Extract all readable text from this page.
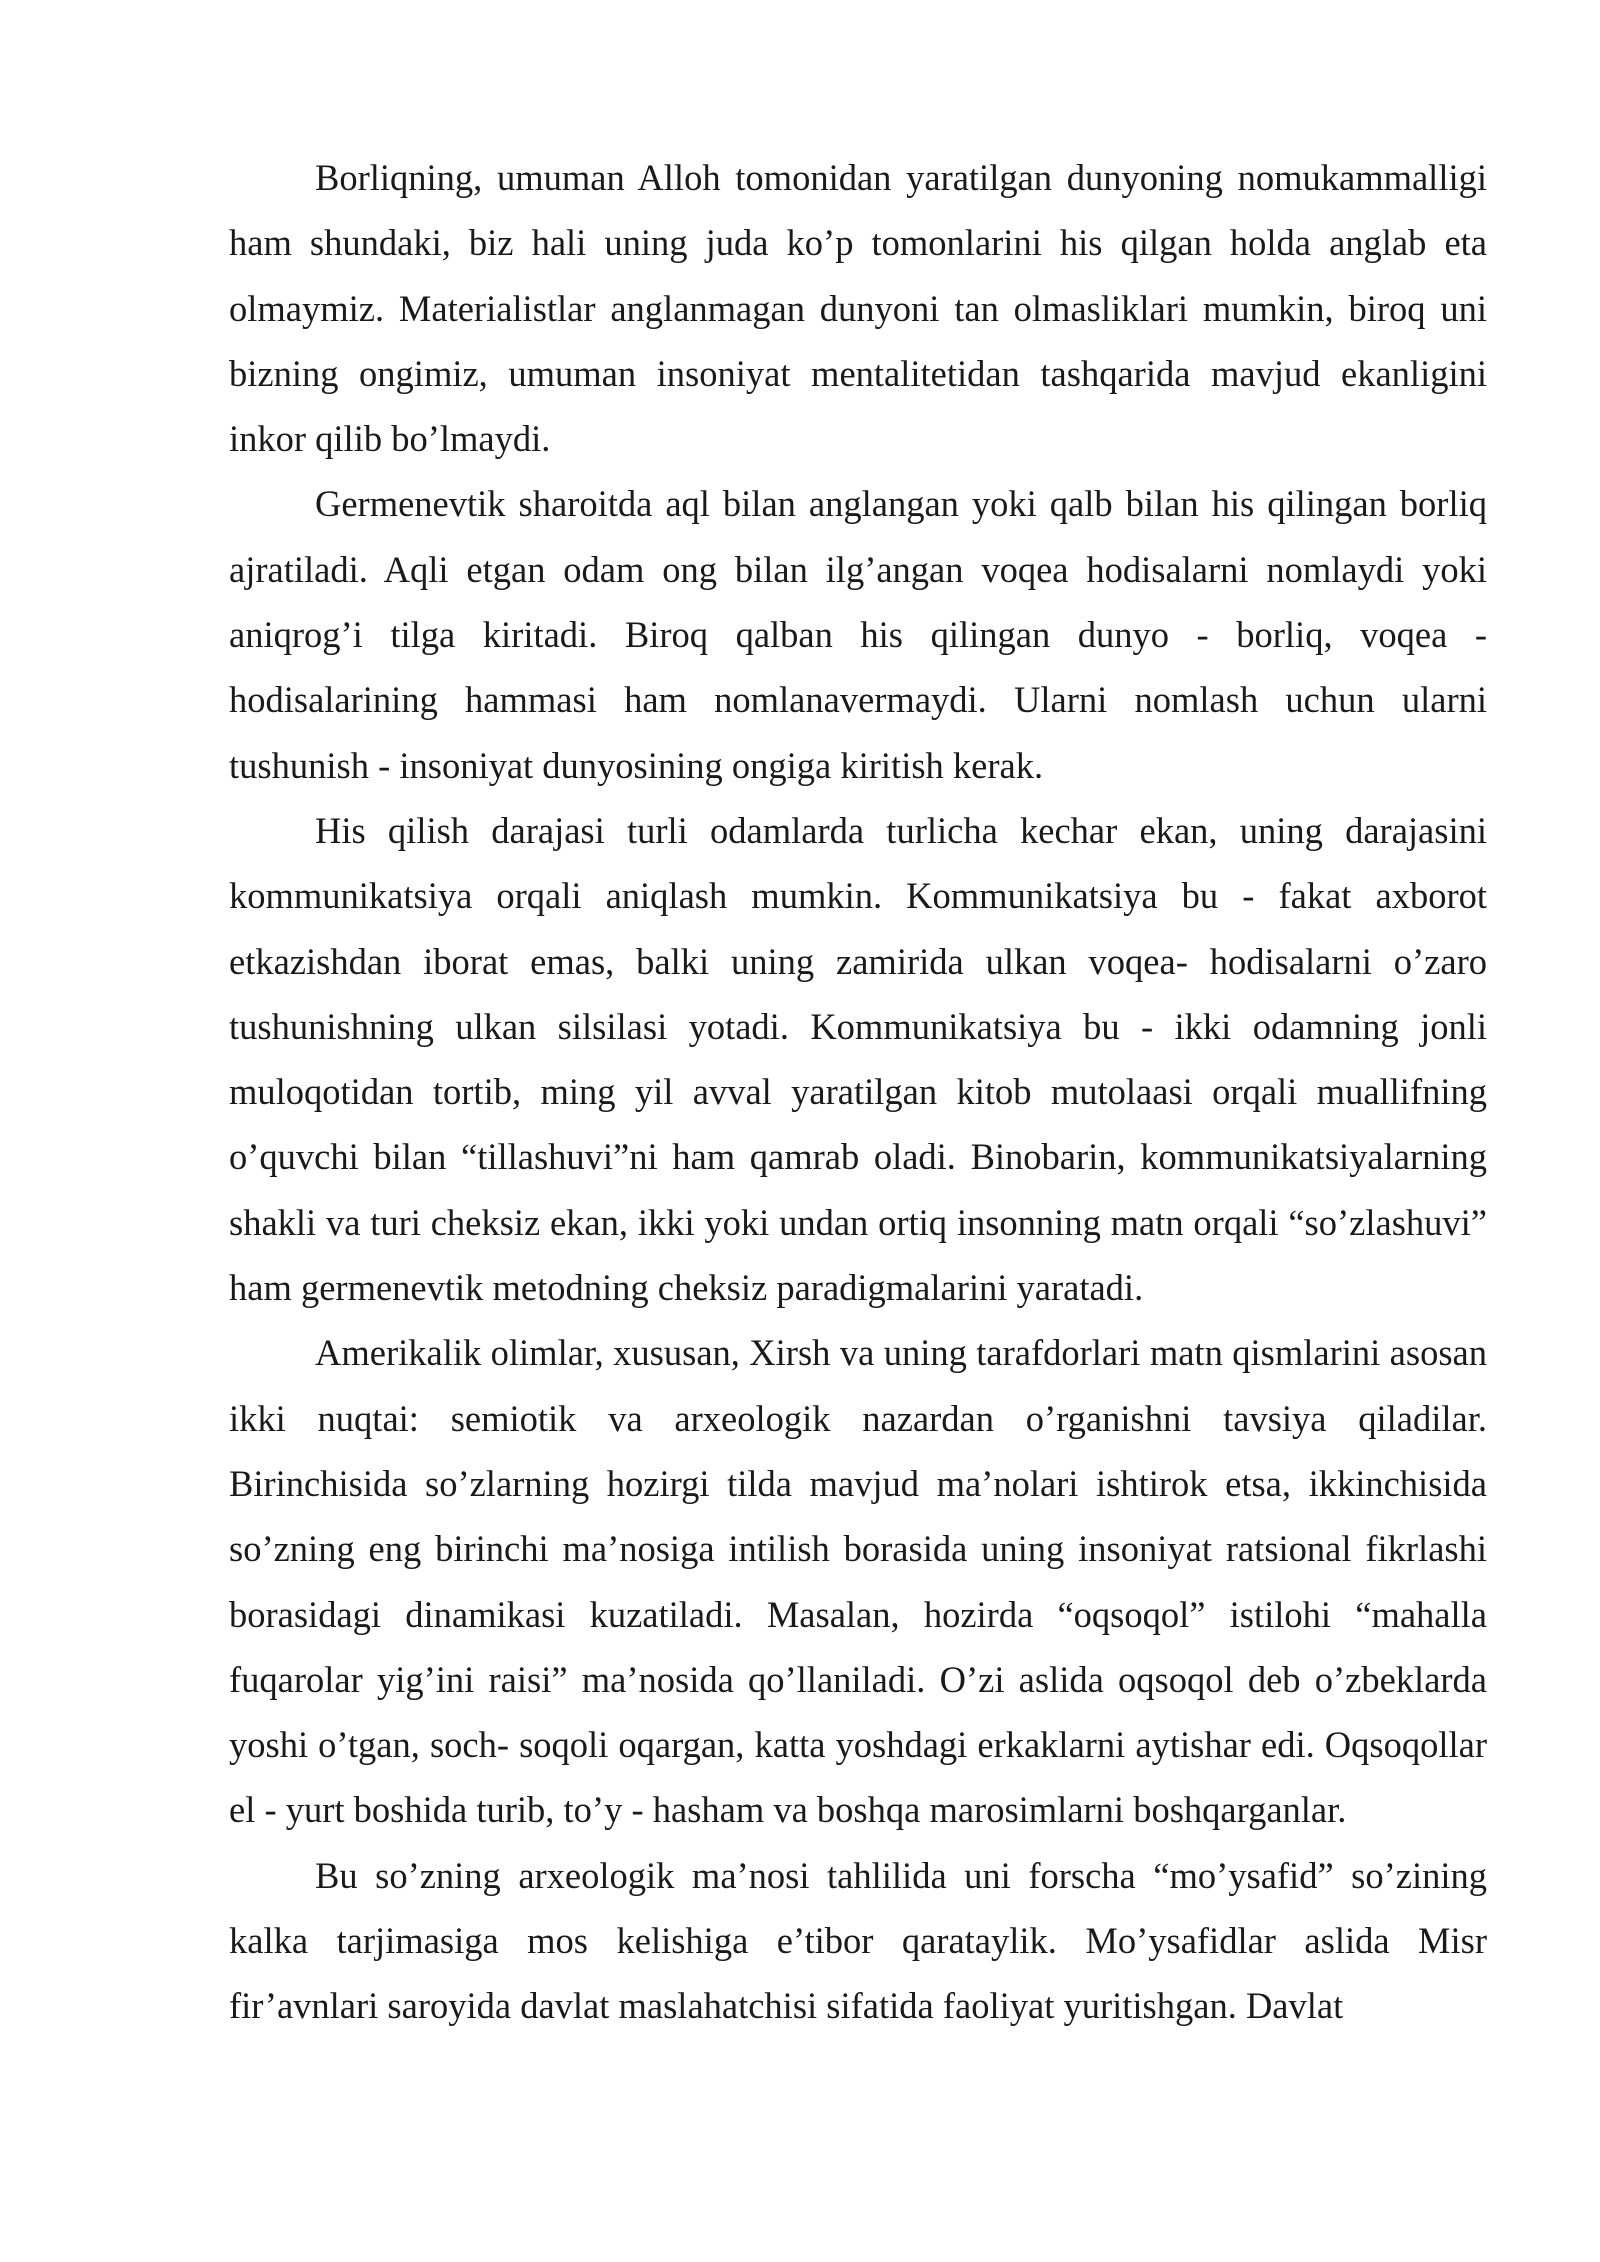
Borliqning, umuman Alloh tomonidan yaratilgan dunyoning nomukammalligi ham shundaki, biz hali uning juda ko’p tomonlarini his qilgan holda anglab eta olmaymiz. Materialistlar anglanmagan dunyoni tan olmasliklari mumkin, biroq uni bizning ongimiz, umuman insoniyat mentalitetidan tashqarida mavjud ekanligini inkor qilib bo’lmaydi.

Germenevtik sharoitda aql bilan anglangan yoki qalb bilan his qilingan borliq ajratiladi. Aqli etgan odam ong bilan ilg’angan voqea hodisalarni nomlaydi yoki aniqrog’i tilga kiritadi. Biroq qalban his qilingan dunyo - borliq, voqea - hodisalarining hammasi ham nomlanavermaydi. Ularni nomlash uchun ularni tushunish - insoniyat dunyosining ongiga kiritish kerak.

His qilish darajasi turli odamlarda turlicha kechar ekan, uning darajasini kommunikatsiya orqali aniqlash mumkin. Kommunikatsiya bu - fakat axborot etkazishdan iborat emas, balki uning zamirida ulkan voqea- hodisalarni o’zaro tushunishning ulkan silsilasi yotadi. Kommunikatsiya bu - ikki odamning jonli muloqotidan tortib, ming yil avval yaratilgan kitob mutolaasi orqali muallifning o’quvchi bilan “tillashuvi”ni ham qamrab oladi. Binobarin, kommunikatsiyalarning shakli va turi cheksiz ekan, ikki yoki undan ortiq insonning matn orqali “so’zlashuvi” ham germenevtik metodning cheksiz paradigmalarini yaratadi.

Amerikalik olimlar, xususan, Xirsh va uning tarafdorlari matn qismlarini asosan ikki nuqtai: semiotik va arxeologik nazardan o’rganishni tavsiya qiladilar. Birinchisida so’zlarning hozirgi tilda mavjud ma’nolari ishtirok etsa, ikkinchisida so’zning eng birinchi ma’nosiga intilish borasida uning insoniyat ratsional fikrlashi borasidagi dinamikasi kuzatiladi. Masalan, hozirda “oqsoqol” istilohi “mahalla fuqarolar yig’ini raisi” ma’nosida qo’llaniladi. O’zi aslida oqsoqol deb o’zbeklarda yoshi o’tgan, soch- soqoli oqargan, katta yoshdagi erkaklarni aytishar edi. Oqsoqollar el - yurt boshida turib, to’y - hasham va boshqa marosimlarni boshqarganlar.

Bu so’zning arxeologik ma’nosi tahlilida uni forscha “mo’ysafid” so’zining kalka tarjimasiga mos kelishiga e’tibor qarataylik. Mo’ysafidlar aslida Misr fir’avnlari saroyida davlat maslahatchisi sifatida faoliyat yuritishgan. Davlat
